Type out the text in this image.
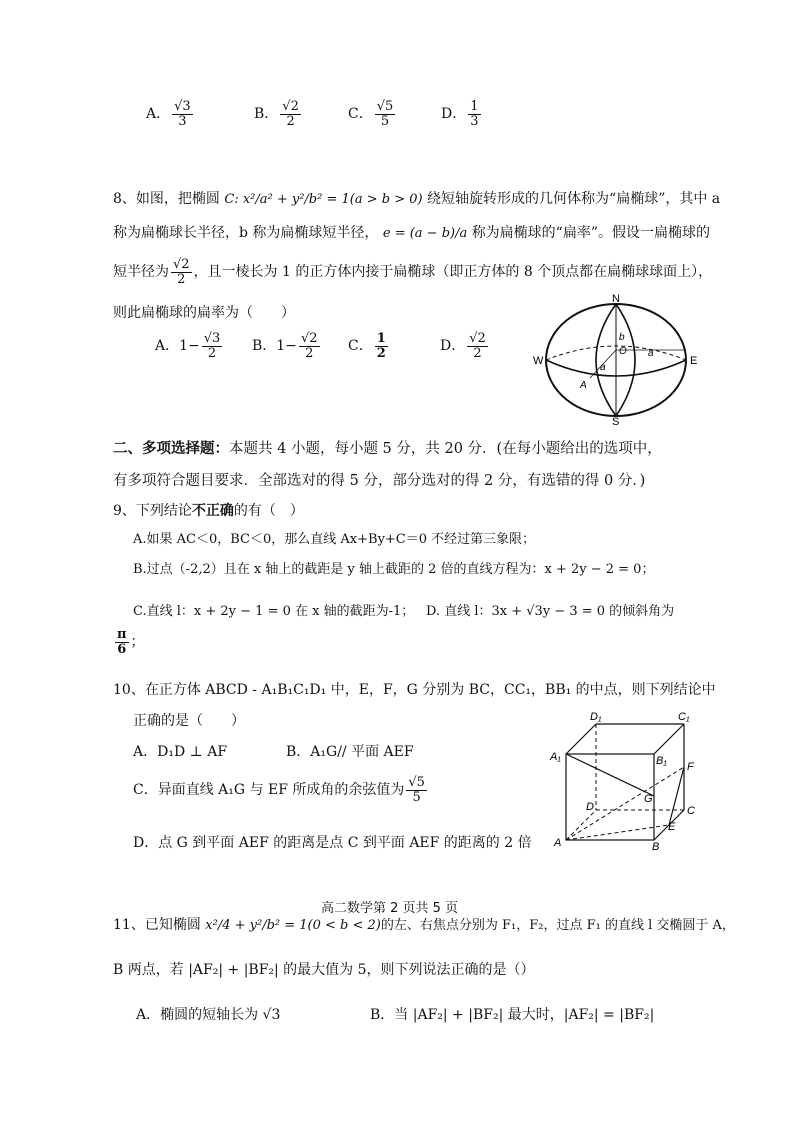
A． $\frac{√3}{3}$	B． $\frac{√2}{2}$	C． $\frac{√5}{5}$	D． $\frac{1}{3}$
8、如图，把椭圆 C: x²/a² + y²/b² = 1(a > b > 0) 绕短轴旋转形成的几何体称为“扁椭球”，其中 a
称为扁椭球长半径，b 称为扁椭球短半径， e = (a − b)/a 称为扁椭球的“扁率”。假设一扁椭球的
短半径为 $\frac{√2}{2}$ ，且一棱长为 1 的正方体内接于扁椭球（即正方体的 8 个顶点都在扁椭球球面上），
则此扁椭球的扁率为（　　）
A．$1- \frac{√3}{2}$ B．$1- \frac{√2}{2}$ C． $\frac{1}{2}$	D． $\frac{√2}{2}$
N
S
W	E
O
A
a
a
b
二、多项选择题：本题共 4 小题，每小题 5 分，共 20 分．(在每小题给出的选项中，
有多项符合题目要求．全部选对的得 5 分，部分选对的得 2 分，有选错的得 0 分．)
9、下列结论不正确的有（　）
A.如果 AC＜0，BC＜0，那么直线 Ax+By+C＝0 不经过第三象限；
B.过点（-2,2）且在 x 轴上的截距是 y 轴上截距的 2 倍的直线方程为：x + 2y − 2 = 0；
C.直线 l：x + 2y − 1 = 0 在 x 轴的截距为-1； D. 直线 l：3x + √3y − 3 = 0 的倾斜角为
$\frac{\pi}{6}$ ；
10、在正方体 ABCD - A₁B₁C₁D₁ 中，E，F，G 分别为 BC，CC₁，BB₁ 的中点，则下列结论中
正确的是（　　）
A．D₁D ⊥ AF	B．A₁G// 平面 AEF
C．异面直线 A₁G 与 EF 所成角的余弦值为 $\frac{√5}{5}$
D．点 G 到平面 AEF 的距离是点 C 到平面 AEF 的距离的 2 倍
D₁	C₁
A₁	B₁ F
G
D	C
E
A	B
高二数学第 2 页共 5 页
11、已知椭圆 x²/4 + y²/b² = 1(0 < b < 2)的左、右焦点分别为 F₁，F₂，过点 F₁ 的直线 l 交椭圆于 A，
B 两点，若 |AF₂| + |BF₂| 的最大值为 5，则下列说法正确的是（）
A．椭圆的短轴长为 √3	B．当 |AF₂| + |BF₂| 最大时，|AF₂| = |BF₂|
